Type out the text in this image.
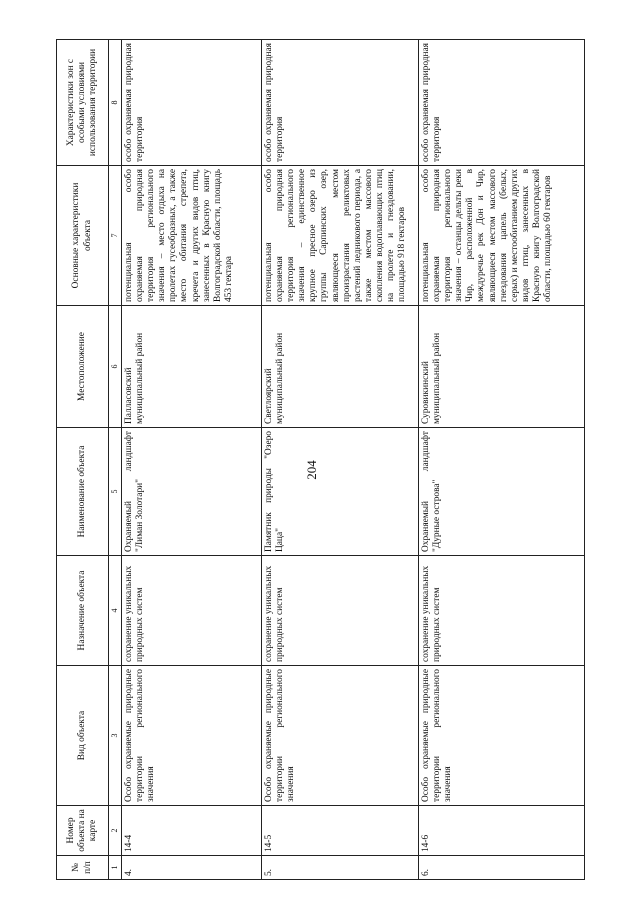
204
№ п/п	Номер объекта на карте	Вид объекта	Назначение объекта	Наименование объекта	Местоположение	Основные характеристики объекта	Характеристики зон с особыми условиями использования территории
1	2	3	4	5	6	7	8
4.	14-4	Особо охраняемые природные территории регионального значения	сохранение уникальных природных систем	Охраняемый ландшафт "Лиман Золотари"	Палласовский муниципальный район	потенциальная особо охраняемая природная территория регионального значения – место отдыха на пролетах гусеобразных, а также место обитания стрепета, кречета и других видов птиц, занесенных в Красную книгу Волгоградской области, площадь 453 гектара	особо охраняемая природная территория
5.	14-5	Особо охраняемые природные территории регионального значения	сохранение уникальных природных систем	Памятник природы "Озеро Цаца"	Светлоярский муниципальный район	потенциальная особо охраняемая природная территория регионального значения – единственное крупное пресное озеро из группы Сарпинских озер, являющееся местом произрастания реликтовых растений ледникового периода, а также местом массового скопления водоплавающих птиц на пролете и гнездовании, площадью 918 гектаров	особо охраняемая природная территория
6.	14-6	Особо охраняемые природные территории регионального значения	сохранение уникальных природных систем	Охраняемый ландшафт "Дурные острова"	Суровикинский муниципальный район	потенциальная особо охраняемая природная территория регионального значения – останцы дельты реки Чир, расположенной в междуречье рек Дон и Чир, являющиеся местом массового гнездования цапель (белых, серых) и местообитанием других видов птиц, занесенных в Красную книгу Волгоградской области, площадью 60 гектаров	особо охраняемая природная территория
